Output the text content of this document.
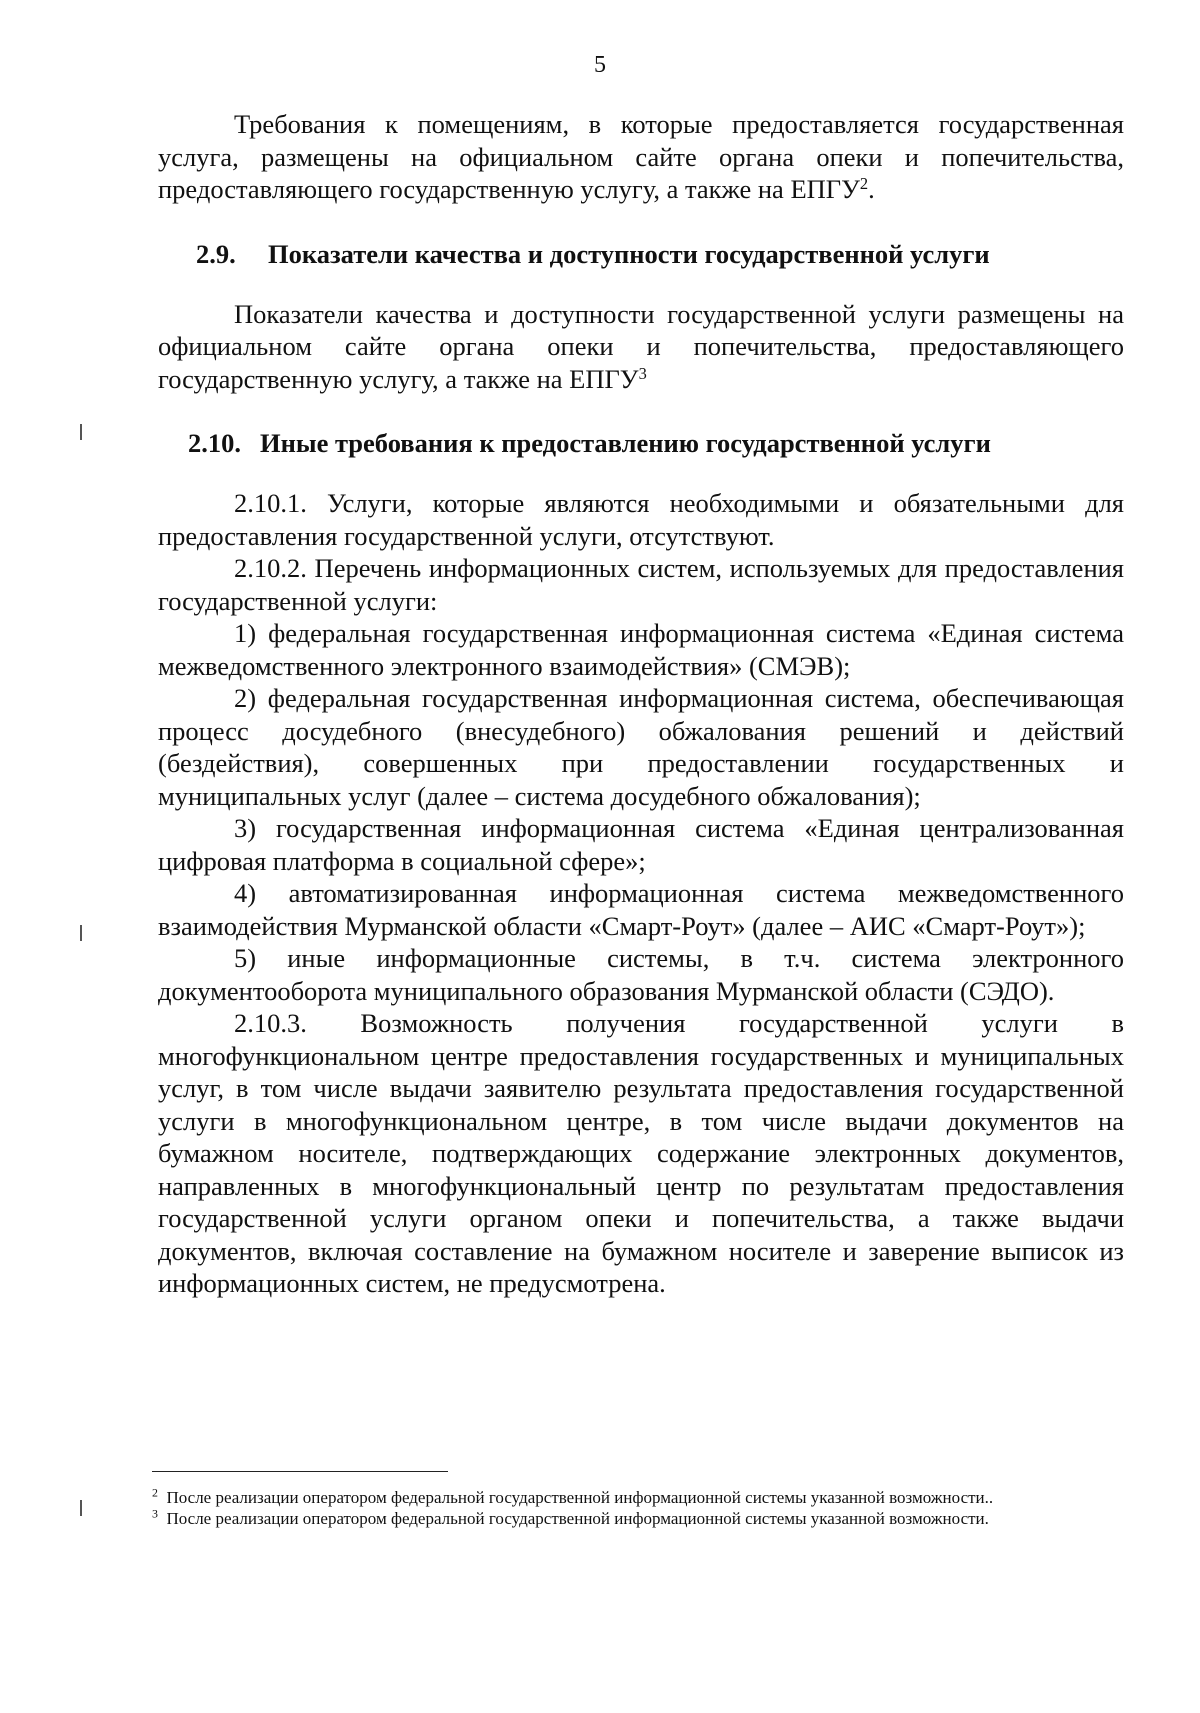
5

Требования к помещениям, в которые предоставляется государственная услуга, размещены на официальном сайте органа опеки и попечительства, предоставляющего государственную услугу, а также на ЕПГУ$^2$.

2.9. Показатели качества и доступности государственной услуги

Показатели качества и доступности государственной услуги размещены на официальном сайте органа опеки и попечительства, предоставляющего государственную услугу, а также на ЕПГУ$^3$

2.10. Иные требования к предоставлению государственной услуги

2.10.1. Услуги, которые являются необходимыми и обязательными для предоставления государственной услуги, отсутствуют.

2.10.2. Перечень информационных систем, используемых для предоставления государственной услуги:

1) федеральная государственная информационная система «Единая система межведомственного электронного взаимодействия» (СМЭВ);

2) федеральная государственная информационная система, обеспечивающая процесс досудебного (внесудебного) обжалования решений и действий (бездействия), совершенных при предоставлении государственных и муниципальных услуг (далее – система досудебного обжалования);

3) государственная информационная система «Единая централизованная цифровая платформа в социальной сфере»;

4) автоматизированная информационная система межведомственного взаимодействия Мурманской области «Смарт-Роут» (далее – АИС «Смарт-Роут»);

5) иные информационные системы, в т.ч. система электронного документооборота муниципального образования Мурманской области (СЭДО).

2.10.3. Возможность получения государственной услуги в многофункциональном центре предоставления государственных и муниципальных услуг, в том числе выдачи заявителю результата предоставления государственной услуги в многофункциональном центре, в том числе выдачи документов на бумажном носителе, подтверждающих содержание электронных документов, направленных в многофункциональный центр по результатам предоставления государственной услуги органом опеки и попечительства, а также выдачи документов, включая составление на бумажном носителе и заверение выписок из информационных систем, не предусмотрена.

$^2$ После реализации оператором федеральной государственной информационной системы указанной возможности..
$^3$ После реализации оператором федеральной государственной информационной системы указанной возможности.
